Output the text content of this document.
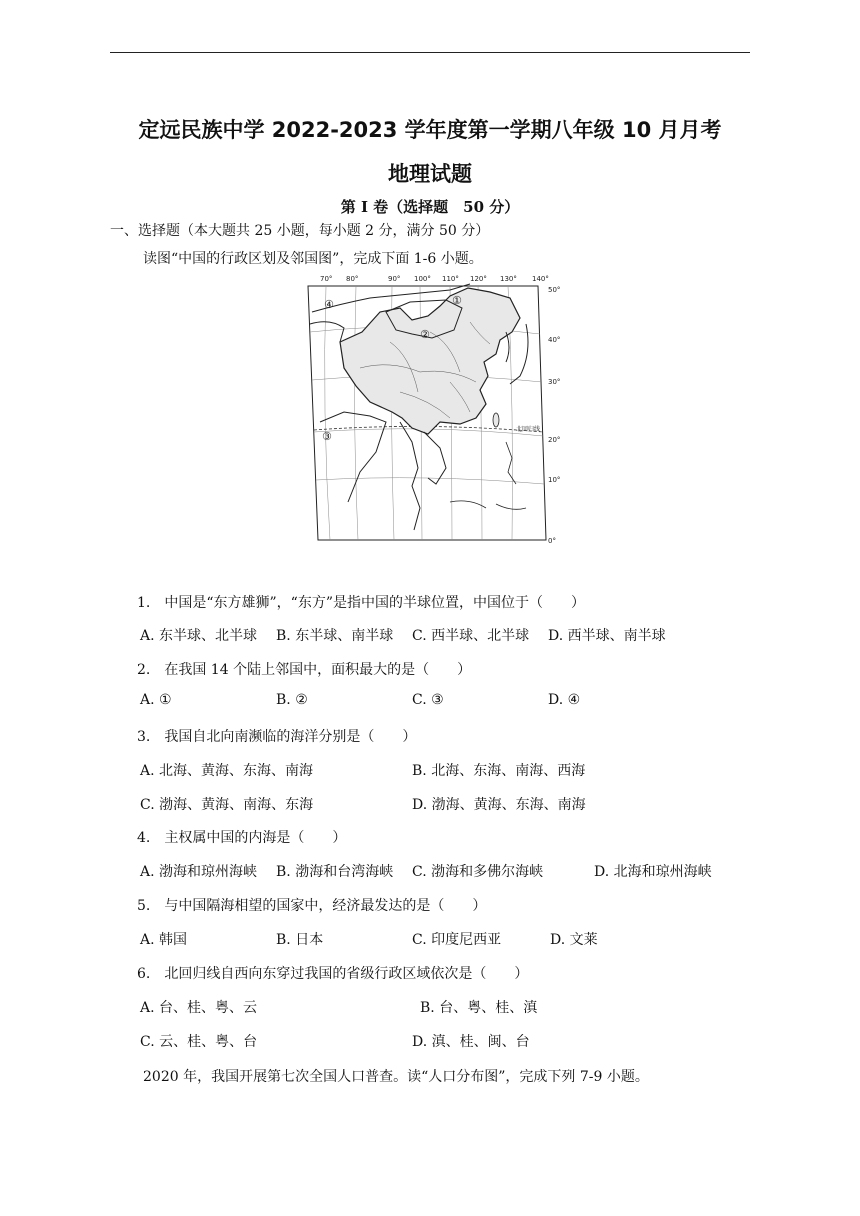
定远民族中学 2022-2023 学年度第一学期八年级 10 月月考
地理试题
第 I 卷（选择题　50 分）
一、选择题（本大题共 25 小题，每小题 2 分，满分 50 分）
读图“中国的行政区划及邻国图”，完成下面 1-6 小题。
70° 80°	90° 100° 110° 120° 130° 140°
50°
40°
30°
20°
10°
0°
北回归线
①
②
③
④
1.　中国是“东方雄狮”，“东方”是指中国的半球位置，中国位于（　　）
A. 东半球、北半球 B. 东半球、南半球 C. 西半球、北半球 D. 西半球、南半球
2.　在我国 14 个陆上邻国中，面积最大的是（　　）
A. ①	B. ②	C. ③	D. ④
3.　我国自北向南濒临的海洋分别是（　　）
A. 北海、黄海、东海、南海	B. 北海、东海、南海、西海
C. 渤海、黄海、南海、东海	D. 渤海、黄海、东海、南海
4.　主权属中国的内海是（　　）
A. 渤海和琼州海峡 B. 渤海和台湾海峡 C. 渤海和多佛尔海峡	D. 北海和琼州海峡
5.　与中国隔海相望的国家中，经济最发达的是（　　）
A. 韩国	B. 日本	C. 印度尼西亚	D. 文莱
6.　北回归线自西向东穿过我国的省级行政区域依次是（　　）
A. 台、桂、粤、云	B. 台、粤、桂、滇
C. 云、桂、粤、台	D. 滇、桂、闽、台
2020 年，我国开展第七次全国人口普查。读“人口分布图”，完成下列 7-9 小题。
